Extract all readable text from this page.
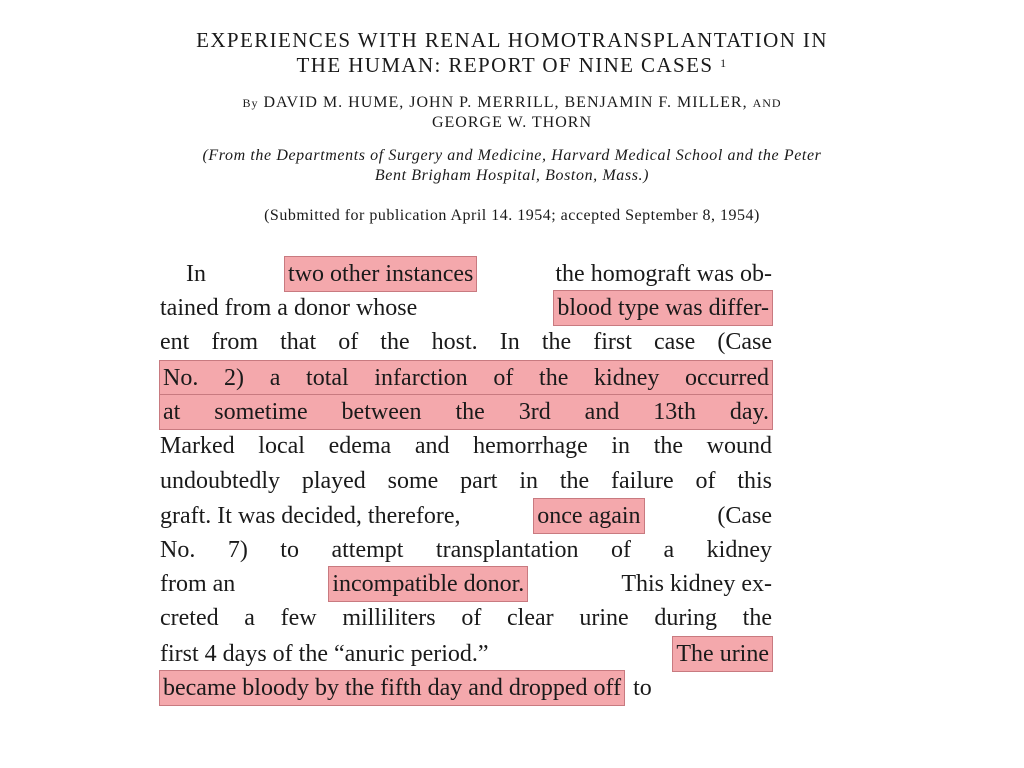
EXPERIENCES WITH RENAL HOMOTRANSPLANTATION IN
THE HUMAN: REPORT OF NINE CASES $^1$
By DAVID M. HUME, JOHN P. MERRILL, BENJAMIN F. MILLER, AND
GEORGE W. THORN
(From the Departments of Surgery and Medicine, Harvard Medical School and the Peter
Bent Brigham Hospital, Boston, Mass.)
(Submitted for publication April 14. 1954; accepted September 8, 1954)
In	two other instances	the homograft was ob-
tained from a donor whose	blood type was differ-
ent from that of the host. In the first case (Case
No. 2) a total infarction of the kidney occurred
at sometime between the 3rd and 13th day.
Marked local edema and hemorrhage in the wound
undoubtedly played some part in the failure of this
graft. It was decided, therefore,	once again	(Case
No. 7) to attempt transplantation of a kidney
from an	incompatible donor.	This kidney ex-
creted a few milliliters of clear urine during the
first 4 days of the “anuric period.”	The urine
became bloody by the fifth day and dropped off to
